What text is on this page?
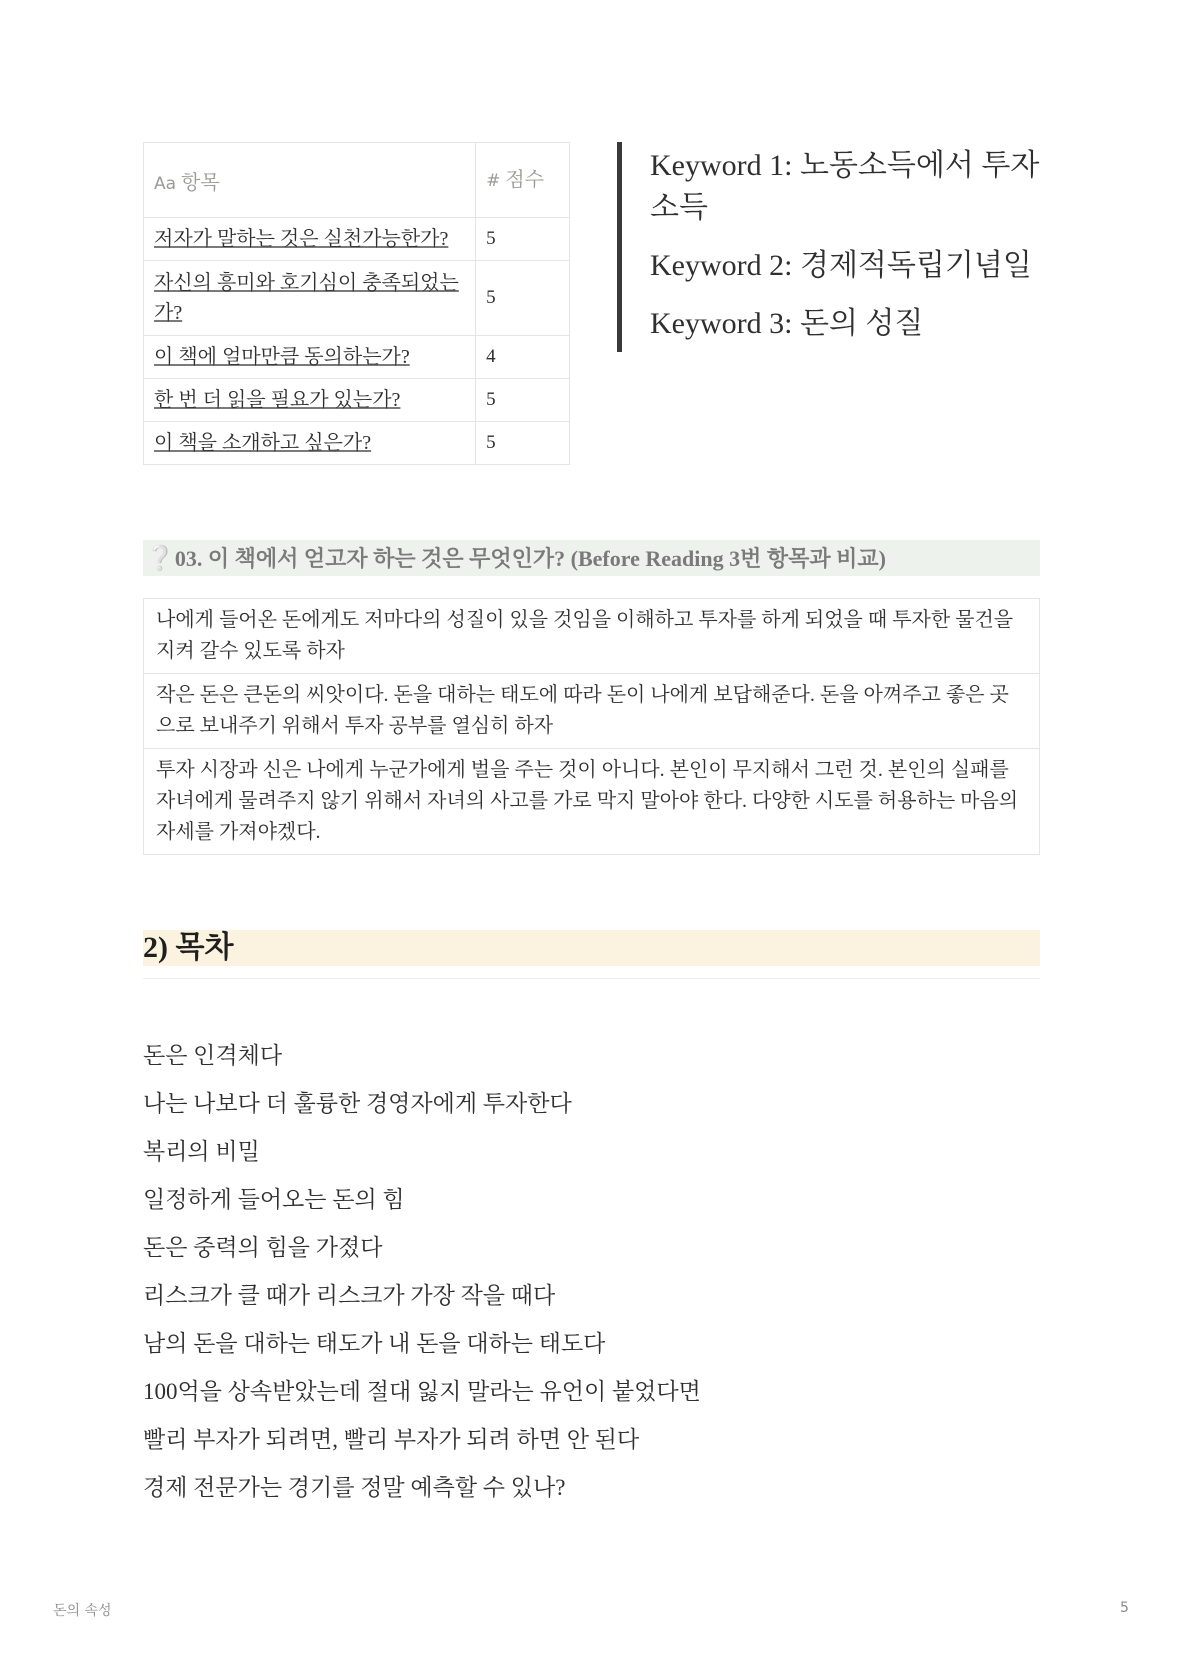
Aa 항목	# 점수
저자가 말하는 것은 실천가능한가?	5
자신의 흥미와 호기심이 충족되었는가?	5
이 책에 얼마만큼 동의하는가?	4
한 번 더 읽을 필요가 있는가?	5
이 책을 소개하고 싶은가?	5
Keyword 1: 노동소득에서 투자 소득
Keyword 2: 경제적독립기념일
Keyword 3: 돈의 성질
❔03. 이 책에서 얻고자 하는 것은 무엇인가? (Before Reading 3번 항목과 비교)
나에게 들어온 돈에게도 저마다의 성질이 있을 것임을 이해하고 투자를 하게 되었을 때 투자한 물건을 지켜 갈수 있도록 하자
작은 돈은 큰돈의 씨앗이다. 돈을 대하는 태도에 따라 돈이 나에게 보답해준다. 돈을 아껴주고 좋은 곳으로 보내주기 위해서 투자 공부를 열심히 하자
투자 시장과 신은 나에게 누군가에게 벌을 주는 것이 아니다. 본인이 무지해서 그런 것. 본인의 실패를 자녀에게 물려주지 않기 위해서 자녀의 사고를 가로 막지 말아야 한다. 다양한 시도를 허용하는 마음의 자세를 가져야겠다.
2) 목차
돈은 인격체다
나는 나보다 더 훌륭한 경영자에게 투자한다
복리의 비밀
일정하게 들어오는 돈의 힘
돈은 중력의 힘을 가졌다
리스크가 클 때가 리스크가 가장 작을 때다
남의 돈을 대하는 태도가 내 돈을 대하는 태도다
100억을 상속받았는데 절대 잃지 말라는 유언이 붙었다면
빨리 부자가 되려면, 빨리 부자가 되려 하면 안 된다
경제 전문가는 경기를 정말 예측할 수 있나?
돈의 속성	5
